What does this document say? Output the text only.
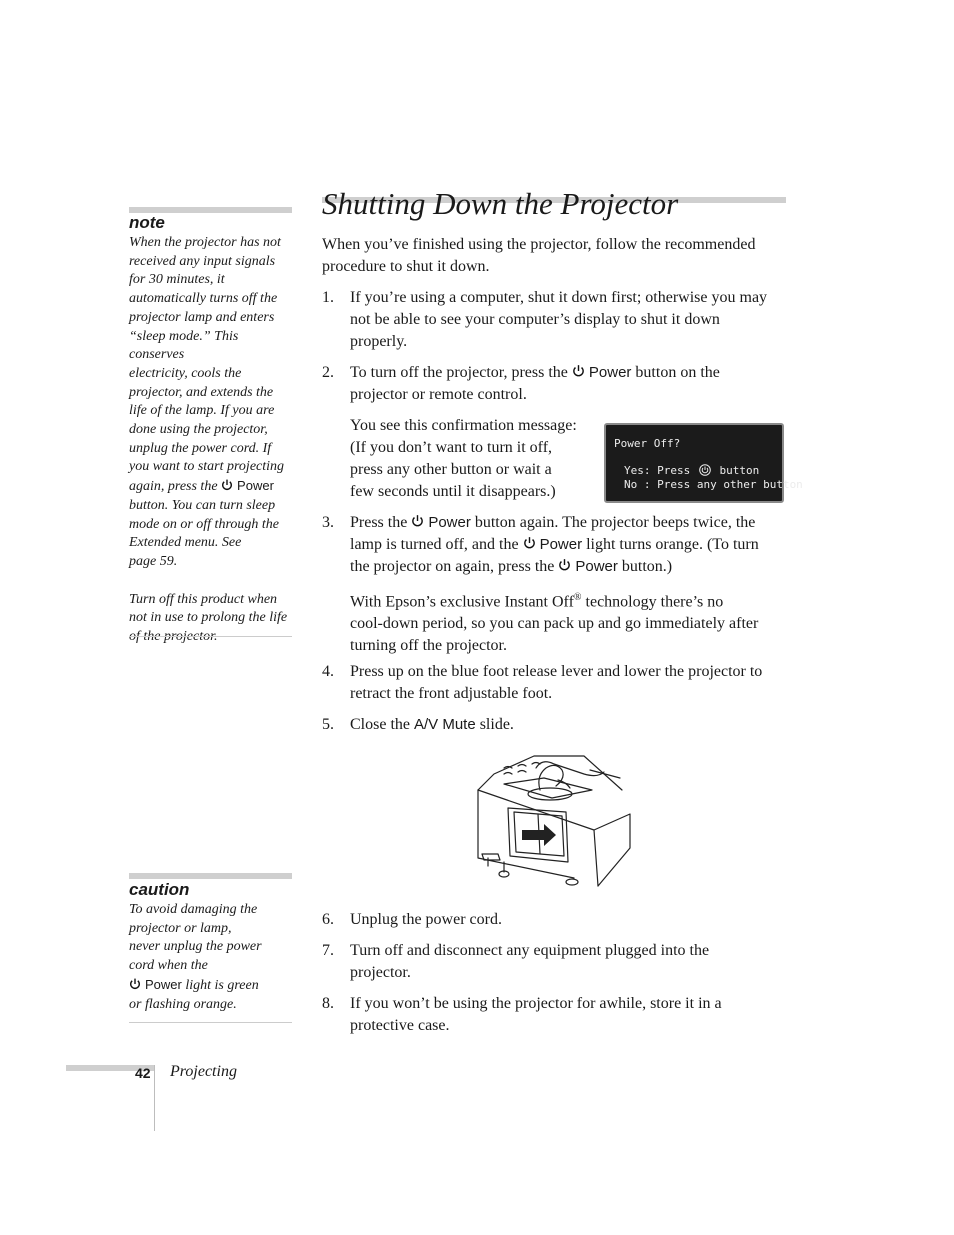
note
When the projector has not
received any input signals
for 30 minutes, it
automatically turns off the
projector lamp and enters
“sleep mode.” This conserves
electricity, cools the
projector, and extends the
life of the lamp. If you are
done using the projector,
unplug the power cord. If
you want to start projecting
again, press the Power
button. You can turn sleep
mode on or off through the
Extended menu. See
page 59.
Turn off this product when
not in use to prolong the life
of the projector.
caution
To avoid damaging the
projector or lamp,
never unplug the power
cord when the
Power light is green
or flashing orange.
Shutting Down the Projector
When you’ve finished using the projector, follow the recommended
procedure to shut it down.
1. If you’re using a computer, shut it down first; otherwise you may
not be able to see your computer’s display to shut it down
properly.
2. To turn off the projector, press the Power button on the
projector or remote control.
You see this confirmation message:
(If you don’t want to turn it off,
press any other button or wait a
few seconds until it disappears.)
Power Off?
Yes: Press	button
No : Press any other button
3. Press the Power button again. The projector beeps twice, the
lamp is turned off, and the Power light turns orange. (To turn
the projector on again, press the Power button.)
With Epson’s exclusive Instant Off® technology there’s no
cool-down period, so you can pack up and go immediately after
turning off the projector.
4. Press up on the blue foot release lever and lower the projector to
retract the front adjustable foot.
5. Close the A/V Mute slide.
6. Unplug the power cord.
7. Turn off and disconnect any equipment plugged into the
projector.
8. If you won’t be using the projector for awhile, store it in a
protective case.
42 Projecting
